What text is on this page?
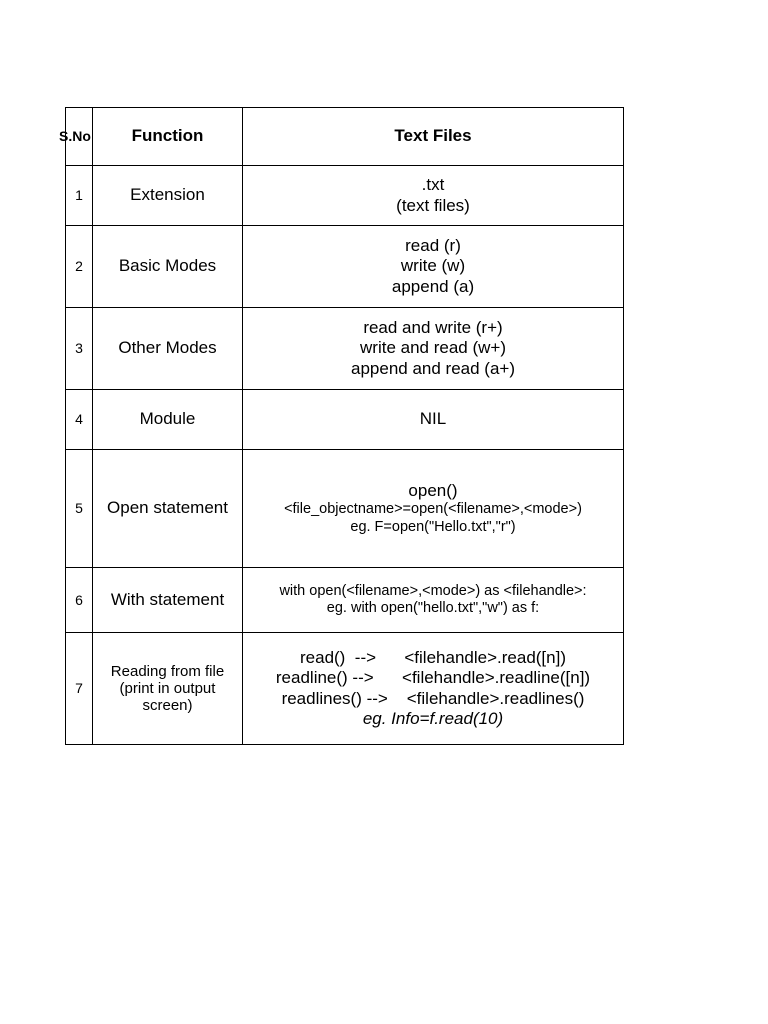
S.No	Function	Text Files
1	Extension	.txt
(text files)

2	Basic Modes	read (r)
write (w)
append (a)

3	Other Modes	read and write (r+)
write and read (w+)
append and read (a+)

4	Module	NIL

5	Open statement	open()
<file_objectname>=open(<filename>,<mode>)
eg. F=open("Hello.txt","r")

6	With statement	with open(<filename>,<mode>) as <filehandle>:
eg. with open("hello.txt","w") as f:

7	Reading from file (print in output screen)	read()  -->      <filehandle>.read([n])
readline() -->      <filehandle>.readline([n])
readlines() -->    <filehandle>.readlines()
eg. Info=f.read(10)
